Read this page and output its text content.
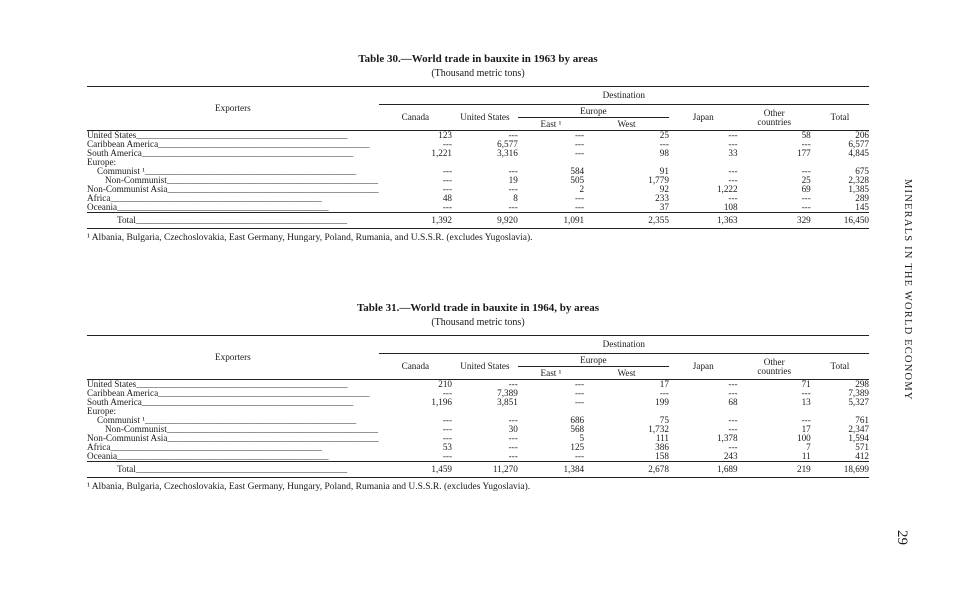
Table 30.—World trade in bauxite in 1963 by areas

(Thousand metric tons)

Exporters	Destination						
	Canada	United States	Europe		Japan	Other countries	Total
			East ¹	West			
United States______________________________________________	123	---	---	25	---	58	206
Caribbean America______________________________________________	---	6,577	---	---	---	---	6,577
South America______________________________________________	1,221	3,316	---	98	33	177	4,845
Europe:							
Communist ¹______________________________________________	---	---	584	91	---	---	675
Non-Communist______________________________________________	---	19	505	1,779	---	25	2,328
Non-Communist Asia______________________________________________	---	---	2	92	1,222	69	1,385
Africa______________________________________________	48	8	---	233	---	---	289
Oceania______________________________________________	---	---	---	37	108	---	145
Total______________________________________________	1,392	9,920	1,091	2,355	1,363	329	16,450

¹ Albania, Bulgaria, Czechoslovakia, East Germany, Hungary, Poland, Rumania, and U.S.S.R. (excludes Yugoslavia).

Table 31.—World trade in bauxite in 1964, by areas

(Thousand metric tons)

Exporters	Destination						
	Canada	United States	Europe		Japan	Other countries	Total
			East ¹	West			
United States______________________________________________	210	---	---	17	---	71	298
Caribbean America______________________________________________	---	7,389	---	---	---	---	7,389
South America______________________________________________	1,196	3,851	---	199	68	13	5,327
Europe:							
Communist ¹______________________________________________	---	---	686	75	---	---	761
Non-Communist______________________________________________	---	30	568	1,732	---	17	2,347
Non-Communist Asia______________________________________________	---	---	5	111	1,378	100	1,594
Africa______________________________________________	53	---	125	386	---	7	571
Oceania______________________________________________	---	---	---	158	243	11	412
Total______________________________________________	1,459	11,270	1,384	2,678	1,689	219	18,699

¹ Albania, Bulgaria, Czechoslovakia, East Germany, Hungary, Poland, Rumania and U.S.S.R. (excludes Yugoslavia).

MINERALS IN THE WORLD ECONOMY
29
